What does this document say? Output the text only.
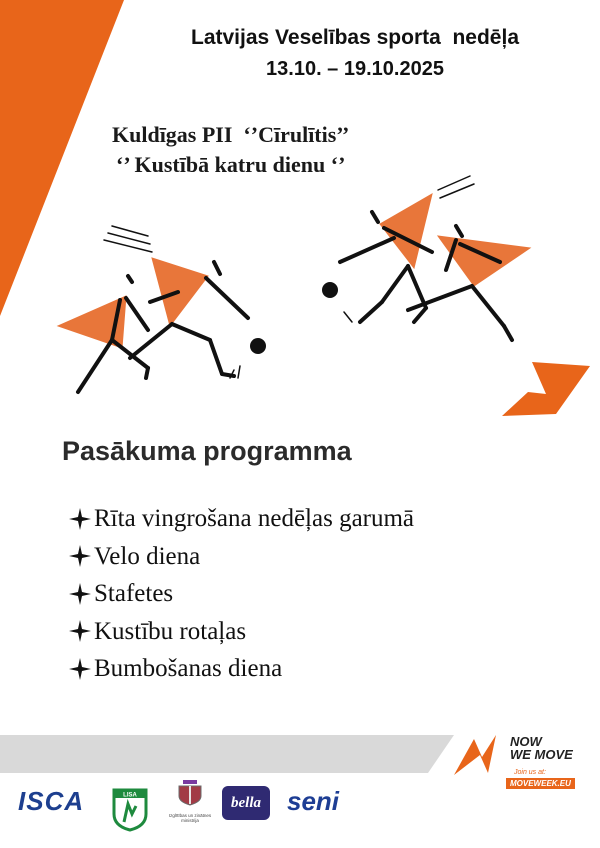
Latvijas Veselības sporta  nedēļa
13.10. – 19.10.2025
Kuldīgas PII  ‘’Cīrulītis’’
‘’ Kustībā katru dienu ‘’
Pasākuma programma
Rīta vingrošana nedēļas garumā
Velo diena
Stafetes
Kustību rotaļas
Bumbošanas diena
NOW
WE MOVE
Join us at:
MOVEWEEK.EU
ISCA	LISA
Izglītības un zinātnes ministrija
bella	seni
